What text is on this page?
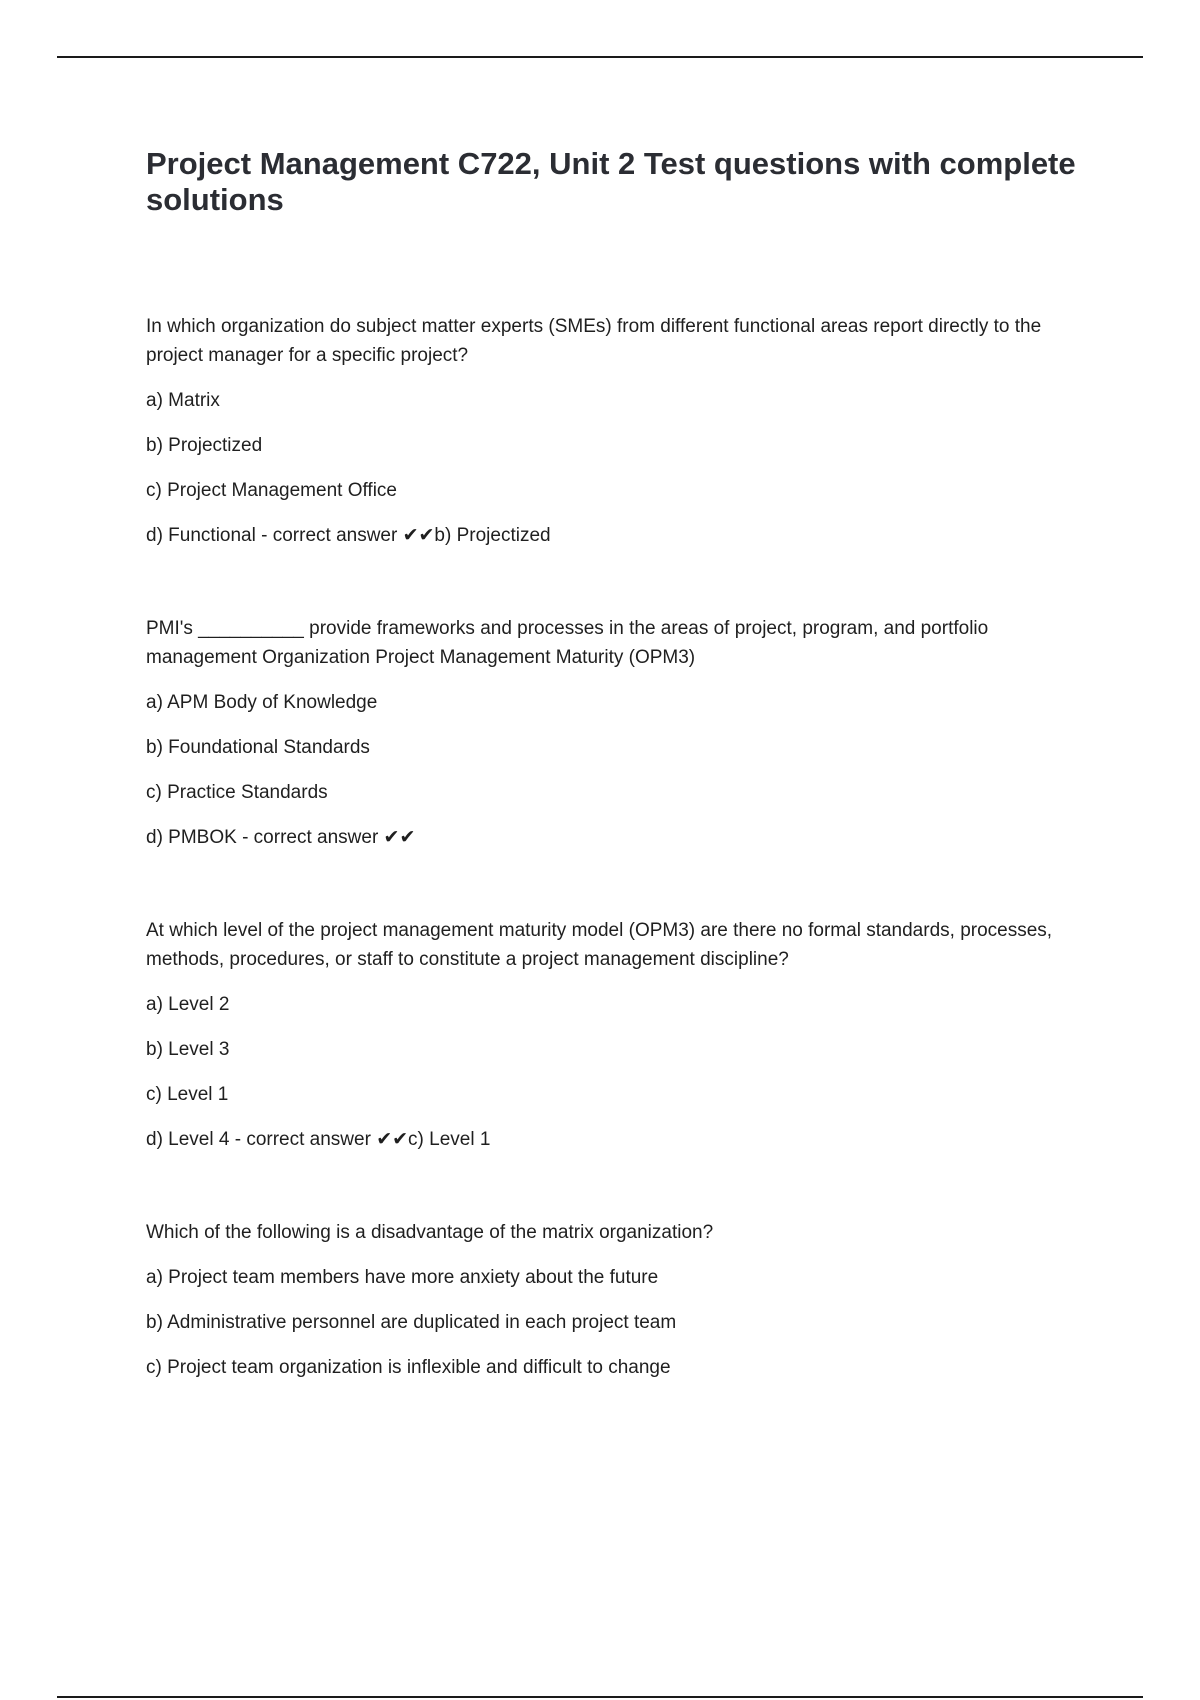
Project Management C722, Unit 2 Test questions with complete solutions

In which organization do subject matter experts (SMEs) from different functional areas report directly to the project manager for a specific project?

a) Matrix

b) Projectized

c) Project Management Office

d) Functional - correct answer ✔✔b) Projectized

PMI's __________ provide frameworks and processes in the areas of project, program, and portfolio management Organization Project Management Maturity (OPM3)

a) APM Body of Knowledge

b) Foundational Standards

c) Practice Standards

d) PMBOK - correct answer ✔✔

At which level of the project management maturity model (OPM3) are there no formal standards, processes, methods, procedures, or staff to constitute a project management discipline?

a) Level 2

b) Level 3

c) Level 1

d) Level 4 - correct answer ✔✔c) Level 1

Which of the following is a disadvantage of the matrix organization?

a) Project team members have more anxiety about the future

b) Administrative personnel are duplicated in each project team

c) Project team organization is inflexible and difficult to change
